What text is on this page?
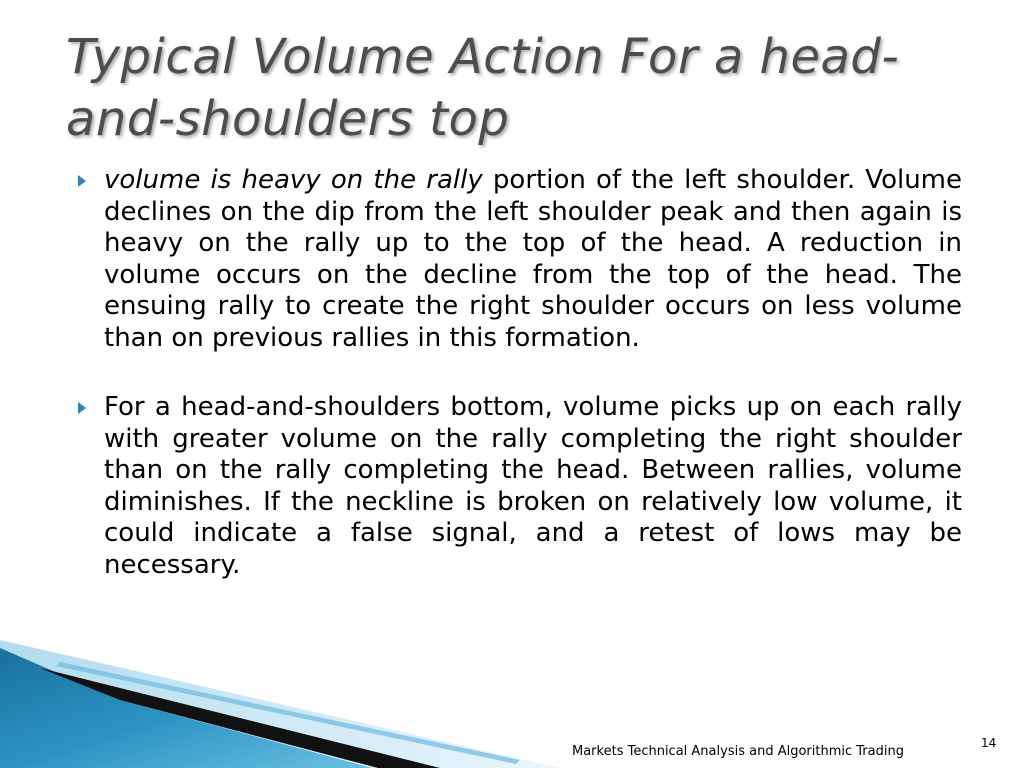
Typical Volume Action For a head-and-shoulders top
volume is heavy on the rally portion of the left shoulder. Volume declines on the dip from the left shoulder peak and then again is heavy on the rally up to the top of the head. A reduction in volume occurs on the decline from the top of the head. The ensuing rally to create the right shoulder occurs on less volume than on previous rallies in this formation.
For a head-and-shoulders bottom, volume picks up on each rally with greater volume on the rally completing the right shoulder than on the rally completing the head. Between rallies, volume diminishes. If the neckline is broken on relatively low volume, it could indicate a false signal, and a retest of lows may be necessary.
Markets Technical Analysis and Algorithmic Trading
14
